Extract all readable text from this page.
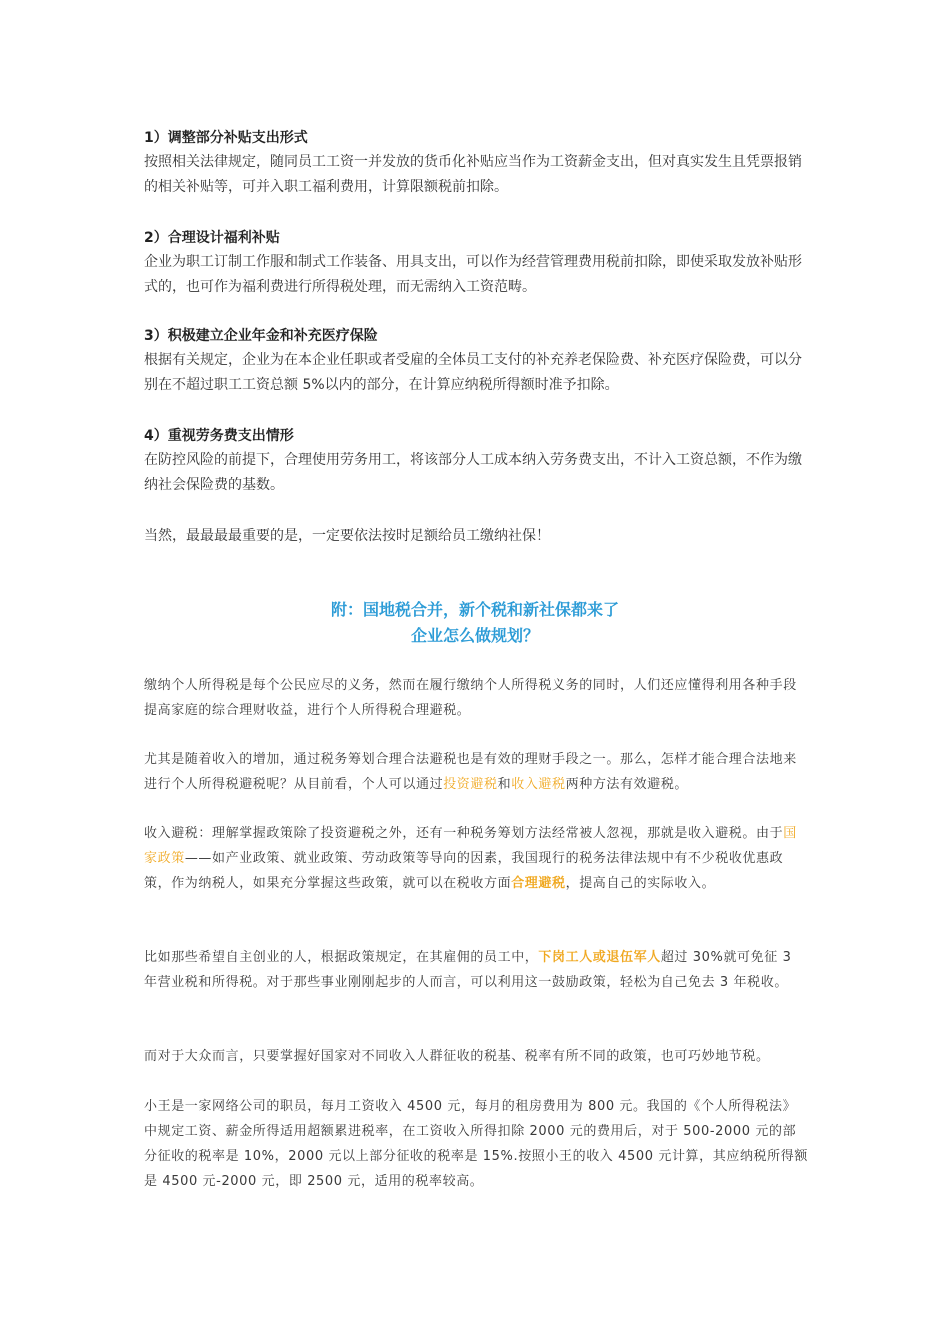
1）调整部分补贴支出形式
按照相关法律规定，随同员工工资一并发放的货币化补贴应当作为工资薪金支出，但对真实发生且凭票报销的相关补贴等，可并入职工福利费用，计算限额税前扣除。
2）合理设计福利补贴
企业为职工订制工作服和制式工作装备、用具支出，可以作为经营管理费用税前扣除，即使采取发放补贴形式的，也可作为福利费进行所得税处理，而无需纳入工资范畴。
3）积极建立企业年金和补充医疗保险
根据有关规定，企业为在本企业任职或者受雇的全体员工支付的补充养老保险费、补充医疗保险费，可以分别在不超过职工工资总额 5%以内的部分，在计算应纳税所得额时准予扣除。
4）重视劳务费支出情形
在防控风险的前提下，合理使用劳务用工，将该部分人工成本纳入劳务费支出，不计入工资总额，不作为缴纳社会保险费的基数。
当然，最最最最重要的是，一定要依法按时足额给员工缴纳社保！
附：国地税合并，新个税和新社保都来了
企业怎么做规划？
缴纳个人所得税是每个公民应尽的义务，然而在履行缴纳个人所得税义务的同时，人们还应懂得利用各种手段提高家庭的综合理财收益，进行个人所得税合理避税。
尤其是随着收入的增加，通过税务筹划合理合法避税也是有效的理财手段之一。那么，怎样才能合理合法地来进行个人所得税避税呢？从目前看，个人可以通过投资避税和收入避税两种方法有效避税。
收入避税：理解掌握政策除了投资避税之外，还有一种税务筹划方法经常被人忽视，那就是收入避税。由于国家政策——如产业政策、就业政策、劳动政策等导向的因素，我国现行的税务法律法规中有不少税收优惠政策，作为纳税人，如果充分掌握这些政策，就可以在税收方面合理避税，提高自己的实际收入。
比如那些希望自主创业的人，根据政策规定，在其雇佣的员工中，下岗工人或退伍军人超过 30%就可免征 3 年营业税和所得税。对于那些事业刚刚起步的人而言，可以利用这一鼓励政策，轻松为自己免去 3 年税收。
而对于大众而言，只要掌握好国家对不同收入人群征收的税基、税率有所不同的政策，也可巧妙地节税。
小王是一家网络公司的职员，每月工资收入 4500 元，每月的租房费用为 800 元。我国的《个人所得税法》中规定工资、薪金所得适用超额累进税率，在工资收入所得扣除 2000 元的费用后，对于 500-2000 元的部分征收的税率是 10%，2000 元以上部分征收的税率是 15%.按照小王的收入 4500 元计算，其应纳税所得额是 4500 元-2000 元，即 2500 元，适用的税率较高。
